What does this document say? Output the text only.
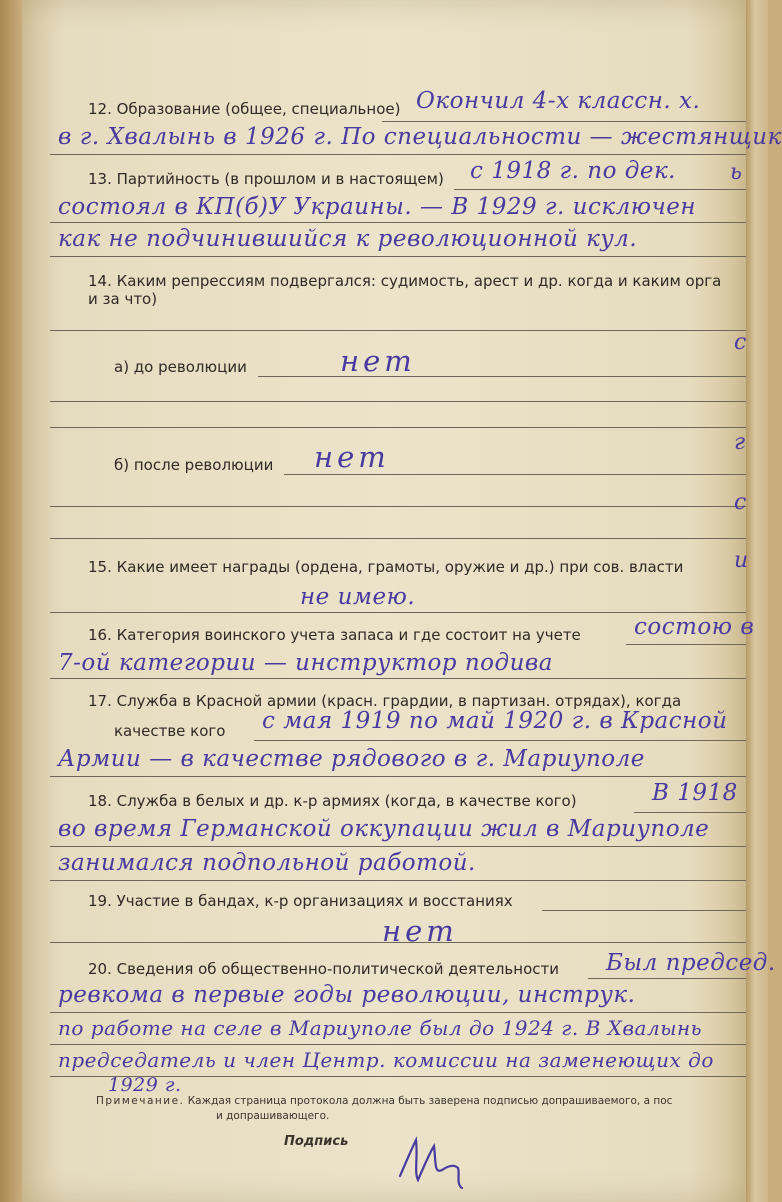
12. Образование (общее, специальное) Окончил 4-х классн. х.
в г. Хвалынь в 1926 г. По специальности — жестянщик
13. Партийность (в прошлом и в настоящем) с 1918 г. по дек.
состоял в КП(б)У Украины. — В 1929 г. исключен
как не подчинившийся к революционной кул.
14. Каким репрессиям подвергался: судимость, арест и др. когда и каким орга
и за что)
а) до революции	нет
б) после революции нет
15. Какие имеет награды (ордена, грамоты, оружие и др.) при сов. власти
не имею.
16. Категория воинского учета запаса и где состоит на учете состою в
7-ой категории — инструктор подива
17. Служба в Красной армии (красн. грардии, в партизан. отрядах), когда
качестве кого с мая 1919 по май 1920 г. в Красной
Армии — в качестве рядового в г. Мариуполе
18. Служба в белых и др. к-р армиях (когда, в качестве кого)	В 1918
во время Германской оккупации жил в Мариуполе
занимался подпольной работой.
19. Участие в бандах, к-р организациях и восстаниях
нет
20. Сведения об общественно-политической деятельности Был председ.
ревкома в первые годы революции, инструк.
по работе на селе в Мариуполе был до 1924 г. В Хвалынь
председатель и член Центр. комиссии на заменеющих до
1929 г.
Примечание. Каждая страница протокола должна быть заверена подписью допрашиваемого, а пос
и допрашивающего.
Подпись
ь
с
г
с
и
